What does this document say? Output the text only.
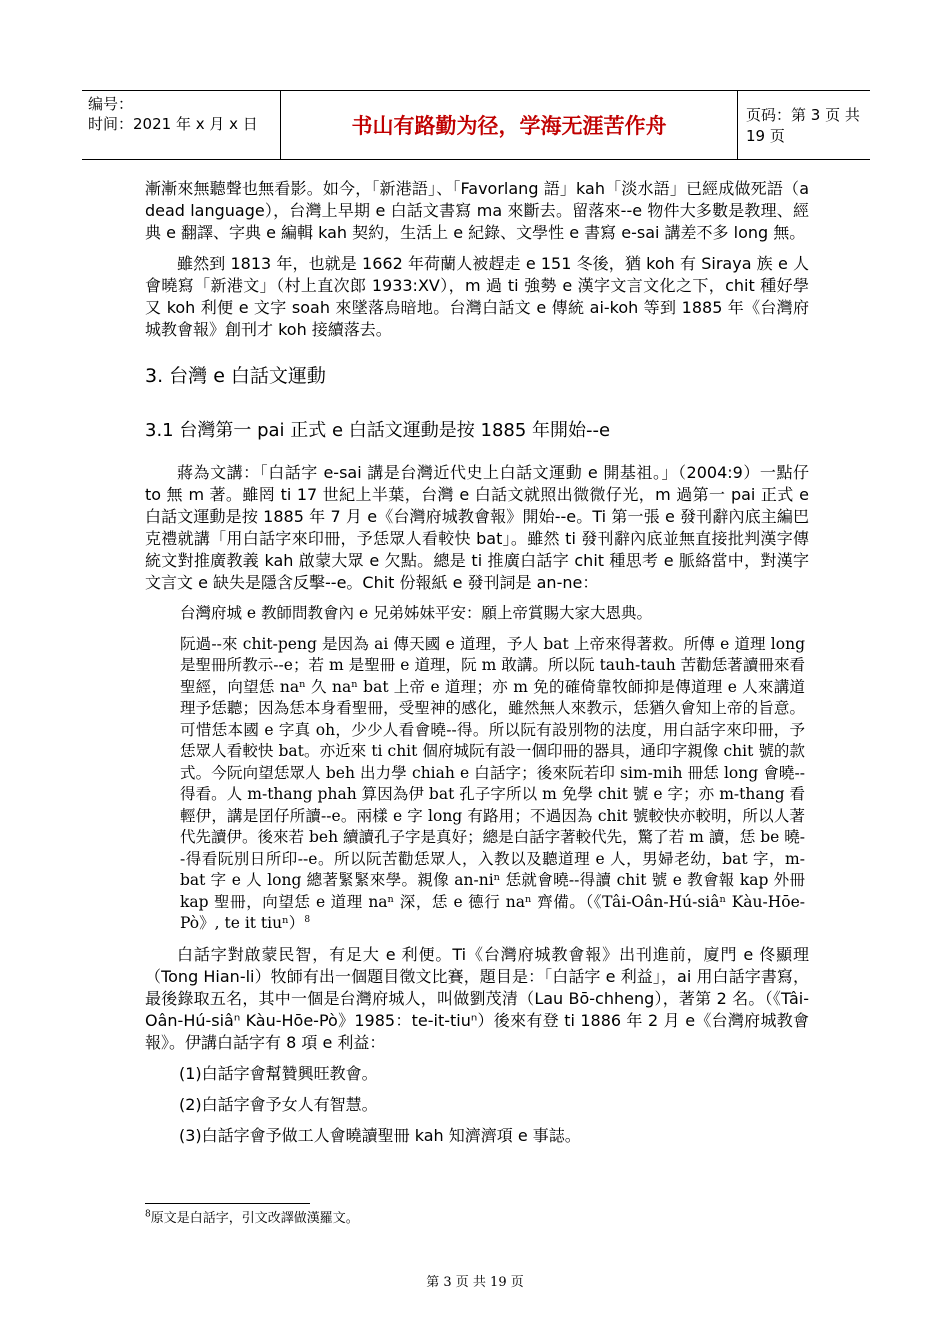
编号：
时间：2021 年 x 月 x 日	书山有路勤为径，学海无涯苦作舟	页码：第 3 页 共 19 页

漸漸來無聽聲也無看影。如今，「新港語」、「Favorlang 語」kah「淡水語」已經成做死語（a dead language），台灣上早期 e 白話文書寫 ma 來斷去。留落來--e 物件大多數是教理、經典 e 翻譯、字典 e 編輯 kah 契約，生活上 e 紀錄、文學性 e 書寫 e-sai 講差不多 long 無。

雖然到 1813 年，也就是 1662 年荷蘭人被趕走 e 151 冬後，猶 koh 有 Siraya 族 e 人會曉寫「新港文」（村上直次郎 1933:XV），m 過 ti 強勢 e 漢字文言文化之下，chit 種好學又 koh 利便 e 文字 soah 來墜落烏暗地。台灣白話文 e 傳統 ai-koh 等到 1885 年《台灣府城教會報》創刊才 koh 接續落去。

3. 台灣 e 白話文運動
3.1 台灣第一 pai 正式 e 白話文運動是按 1885 年開始--e

蔣為文講：「白話字 e-sai 講是台灣近代史上白話文運動 e 開基祖。」（2004:9）一點仔 to 無 m 著。雖罔 ti 17 世紀上半葉，台灣 e 白話文就照出微微仔光，m 過第一 pai 正式 e 白話文運動是按 1885 年 7 月 e《台灣府城教會報》開始--e。Ti 第一張 e 發刊辭內底主編巴克禮就講「用白話字來印冊，予恁眾人看較快 bat」。雖然 ti 發刊辭內底並無直接批判漢字傳統文對推廣教義 kah 啟蒙大眾 e 欠點。總是 ti 推廣白話字 chit 種思考 e 脈絡當中，對漢字文言文 e 缺失是隱含反擊--e。Chit 份報紙 e 發刊詞是 an-ne：

台灣府城 e 教師問教會內 e 兄弟姊妹平安：願上帝賞賜大家大恩典。

阮過--來 chit-peng 是因為 ai 傳天國 e 道理，予人 bat 上帝來得著救。所傳 e 道理 long 是聖冊所教示--e；若 m 是聖冊 e 道理，阮 m 敢講。所以阮 tauh-tauh 苦勸恁著讀冊來看聖經，向望恁 naⁿ 久 naⁿ bat 上帝 e 道理；亦 m 免的確倚靠牧師抑是傳道理 e 人來講道理予恁聽；因為恁本身看聖冊，受聖神的感化，雖然無人來教示，恁猶久會知上帝的旨意。可惜恁本國 e 字真 oh，少少人看會曉--得。所以阮有設別物的法度，用白話字來印冊，予恁眾人看較快 bat。亦近來 ti chit 個府城阮有設一個印冊的器具，通印字親像 chit 號的款式。今阮向望恁眾人 beh 出力學 chiah e 白話字；後來阮若印 sim-mih 冊恁 long 會曉--得看。人 m-thang phah 算因為伊 bat 孔子字所以 m 免學 chit 號 e 字；亦 m-thang 看輕伊，講是囝仔所讀--e。兩樣 e 字 long 有路用；不過因為 chit 號較快亦較明，所以人著代先讀伊。後來若 beh 續讀孔子字是真好；總是白話字著較代先，驚了若 m 讀，恁 be 曉--得看阮別日所印--e。所以阮苦勸恁眾人，入教以及聽道理 e 人，男婦老幼，bat 字，m-bat 字 e 人 long 總著緊緊來學。親像 an-niⁿ 恁就會曉--得讀 chit 號 e 教會報 kap 外冊 kap 聖冊，向望恁 e 道理 naⁿ 深，恁 e 德行 naⁿ 齊備。（《Tâi-Oân-Hú-siâⁿ Kàu-Hōe-Pò》, te it tiuⁿ）$^8$

白話字對啟蒙民智，有足大 e 利便。Ti《台灣府城教會報》出刊進前，廈門 e 佟顯理（Tong Hian-li）牧師有出一個題目徵文比賽，題目是：「白話字 e 利益」，ai 用白話字書寫，最後錄取五名，其中一個是台灣府城人，叫做劉茂清（Lau Bō-chheng），著第 2 名。（《Tâi-Oân-Hú-siâⁿ Kàu-Hōe-Pò》1985：te-it-tiuⁿ）後來有登 ti 1886 年 2 月 e《台灣府城教會報》。伊講白話字有 8 項 e 利益：

(1)白話字會幫贊興旺教會。
(2)白話字會予女人有智慧。
(3)白話字會予做工人會曉讀聖冊 kah 知濟濟項 e 事誌。
$^8$原文是白話字，引文改譯做漢羅文。
第 3 页 共 19 页
